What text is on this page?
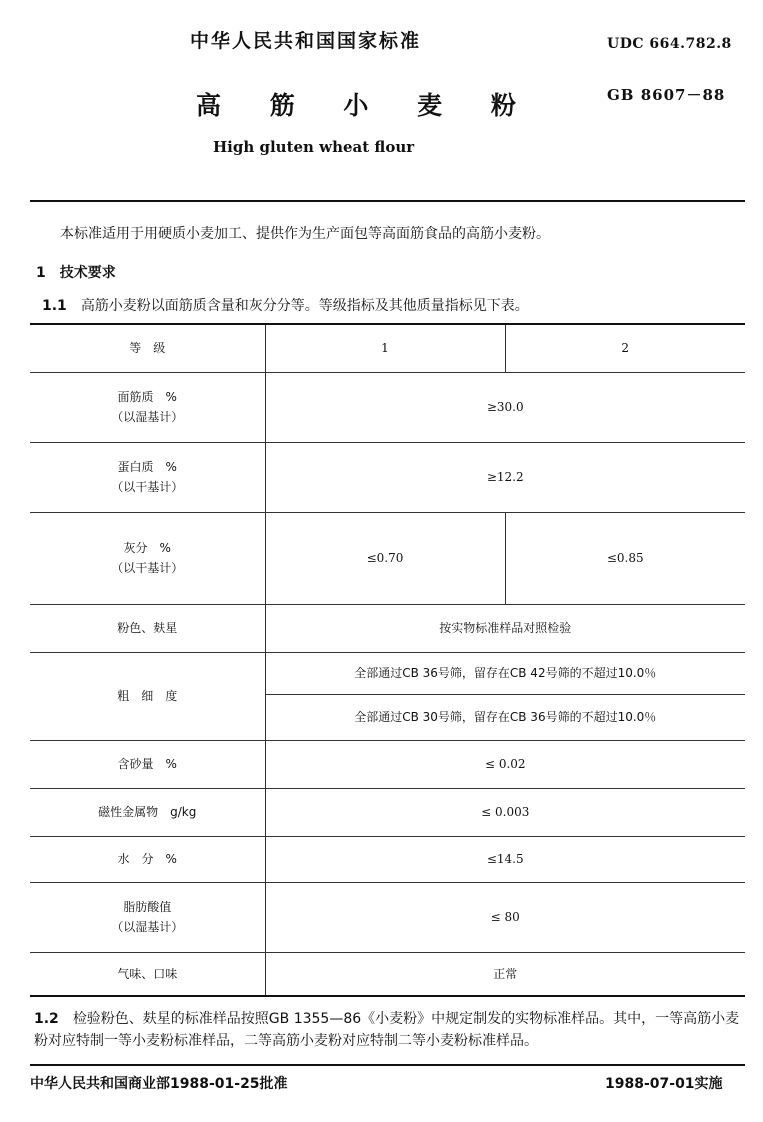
中华人民共和国国家标准	UDC 664.782.8
GB 8607－88
高 筋 小 麦 粉
High gluten wheat flour
本标准适用于用硬质小麦加工、提供作为生产面包等高面筋食品的高筋小麦粉。
1　技术要求
1.1 高筋小麦粉以面筋质含量和灰分分等。等级指标及其他质量指标见下表。
等　级	1	2

面筋质　%
（以湿基计）	≥30.0	

蛋白质　%
（以干基计）	≥12.2	

灰分　%
（以干基计）	≤0.70	≤0.85
粉色、麸星	按实物标准样品对照检验	
粗　细　度	全部通过CB 36号筛，留存在CB 42号筛的不超过10.0％	
	全部通过CB 30号筛，留存在CB 36号筛的不超过10.0％	
含砂量　%	≤ 0.02	
磁性金属物　g/kg	≤ 0.003	
水　分　%	≤14.5	

脂肪酸值
（以湿基计）	≤ 80	
气味、口味	正常	
1.2 检验粉色、麸星的标准样品按照GB 1355—86《小麦粉》中规定制发的实物标准样品。其中，一等高筋小麦粉对应特制一等小麦粉标准样品，二等高筋小麦粉对应特制二等小麦粉标准样品。
中华人民共和国商业部1988-01-25批准	1988-07-01实施
